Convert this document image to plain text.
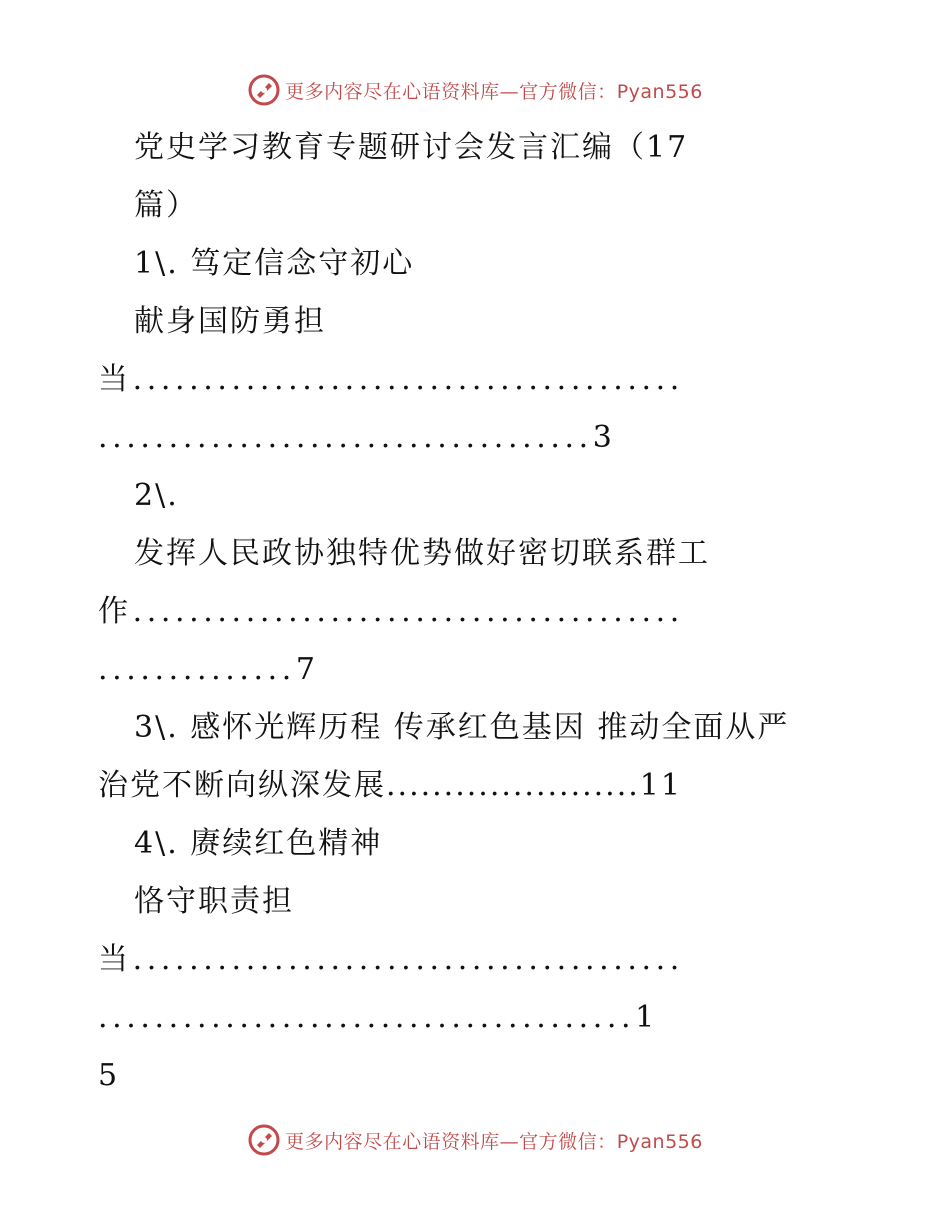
更多内容尽在心语资料库—官方微信：Pyan556
党史学习教育专题研讨会发言汇编（17
篇）
1\. 笃定信念守初心
献身国防勇担
当.......................................
...................................3
2\.
发挥人民政协独特优势做好密切联系群工
作.......................................
..............7
3\. 感怀光辉历程 传承红色基因 推动全面从严
治党不断向纵深发展......................11
4\. 赓续红色精神
恪守职责担
当.......................................
......................................1
5
更多内容尽在心语资料库—官方微信：Pyan556
